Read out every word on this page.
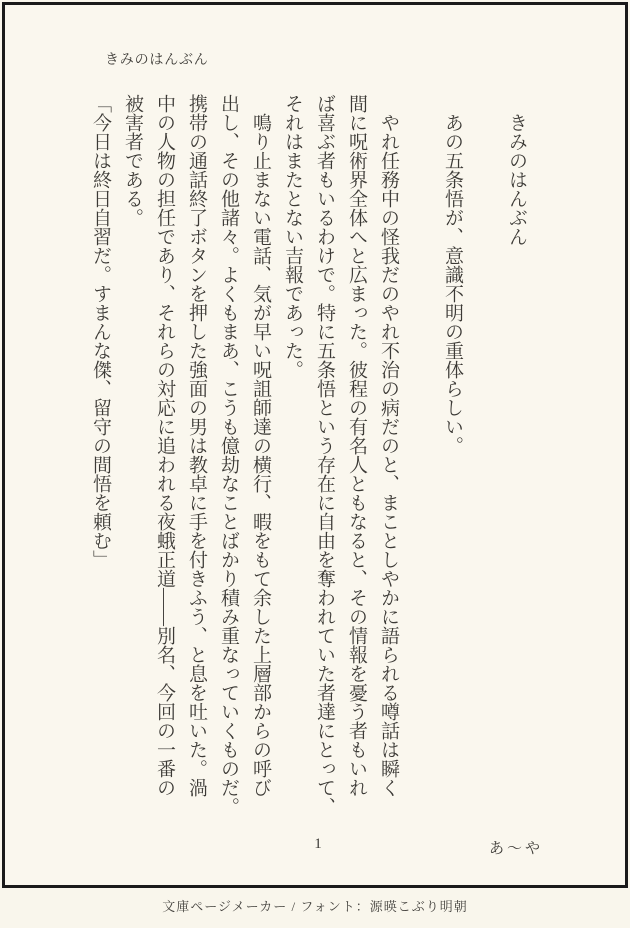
きみのはんぶん
　きみのはんぶん
　あの五条悟が、意識不明の重体らしい。
　やれ任務中の怪我だのやれ不治の病だのと、まことしやかに語られる噂話は瞬く
間に呪術界全体へと広まった。彼程の有名人ともなると、その情報を憂う者もいれ
ば喜ぶ者もいるわけで。特に五条悟という存在に自由を奪われていた者達にとって、
それはまたとない吉報であった。
　鳴り止まない電話、気が早い呪詛師達の横行、暇をもて余した上層部からの呼び
出し、その他諸々。よくもまあ、こうも億劫なことばかり積み重なっていくものだ。
携帯の通話終了ボタンを押した強面の男は教卓に手を付きふう、と息を吐いた。渦
中の人物の担任であり、それらの対応に追われる夜蛾正道――別名、今回の一番の
被害者である。
「今日は終日自習だ。すまんな傑、留守の間悟を頼む」
1	あ〜や
文庫ページメーカー / フォント：源暎こぶり明朝
